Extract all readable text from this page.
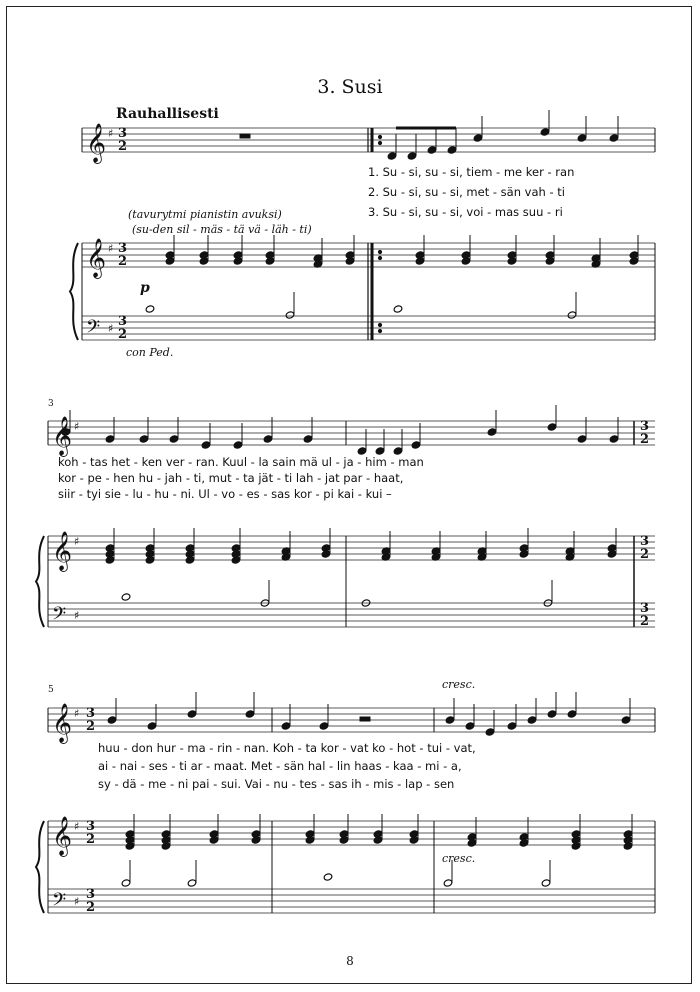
3. Susi
Rauhallisesti
𝄞
𝄞
𝄢
𝄞
𝄞
𝄢
𝄞
𝄞
𝄢
♯
♯
♯
♯
♯
♯
♯
♯
♯
(tavurytmi pianistin avuksi)
(su-den sil - mäs - tä vä - läh - ti)
p
con Ped.
cresc.
cresc.
3
5
1. Su - si, su - si, tiem - me ker - ran
2. Su - si, su - si, met - sän vah - ti
3. Su - si, su - si, voi - mas suu - ri
koh - tas het - ken ver - ran. Kuul - la sain mä ul - ja - him - man
kor - pe - hen hu - jah - ti, mut - ta jät - ti lah - jat par - haat,
siir - tyi sie - lu - hu - ni. Ul - vo - es - sas kor - pi kai - kui –
huu - don hur - ma - rin - nan. Koh - ta kor - vat ko - hot - tui - vat,
ai - nai - ses - ti ar - maat. Met - sän hal - lin haas - kaa - mi - a,
sy - dä - me - ni pai - sui. Vai - nu - tes - sas ih - mis - lap - sen
3
2
3
2
3
2
3
2
3
2
3
2
3
2
3
2
3
2
8
